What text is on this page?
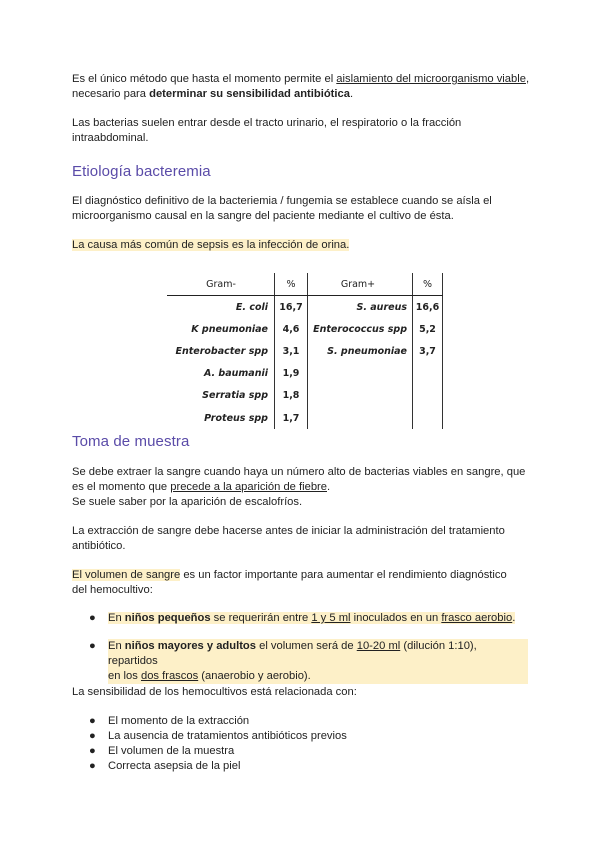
Es el único método que hasta el momento permite el aislamiento del microorganismo viable,
necesario para determinar su sensibilidad antibiótica.

Las bacterias suelen entrar desde el tracto urinario, el respiratorio o la fracción
intraabdominal.

Etiología bacteremia

El diagnóstico definitivo de la bacteriemia / fungemia se establece cuando se aísla el
microorganismo causal en la sangre del paciente mediante el cultivo de ésta.

La causa más común de sepsis es la infección de orina.

Gram-	%	Gram+	%
E. coli	16,7	S. aureus	16,6
K pneumoniae	4,6	Enterococcus spp	5,2
Enterobacter spp	3,1	S. pneumoniae	3,7
A. baumanii	1,9		
Serratia spp	1,8		
Proteus spp	1,7		
Toma de muestra

Se debe extraer la sangre cuando haya un número alto de bacterias viables en sangre, que
es el momento que precede a la aparición de fiebre.
Se suele saber por la aparición de escalofríos.

La extracción de sangre debe hacerse antes de iniciar la administración del tratamiento
antibiótico.

El volumen de sangre es un factor importante para aumentar el rendimiento diagnóstico
del hemocultivo:

● En niños pequeños se requerirán entre 1 y 5 ml inoculados en un frasco aerobio.
● En niños mayores y adultos el volumen será de 10-20 ml (dilución 1:10), repartidos
en los dos frascos (anaerobio y aerobio).

La sensibilidad de los hemocultivos está relacionada con:

● El momento de la extracción
● La ausencia de tratamientos antibióticos previos
● El volumen de la muestra
● Correcta asepsia de la piel
